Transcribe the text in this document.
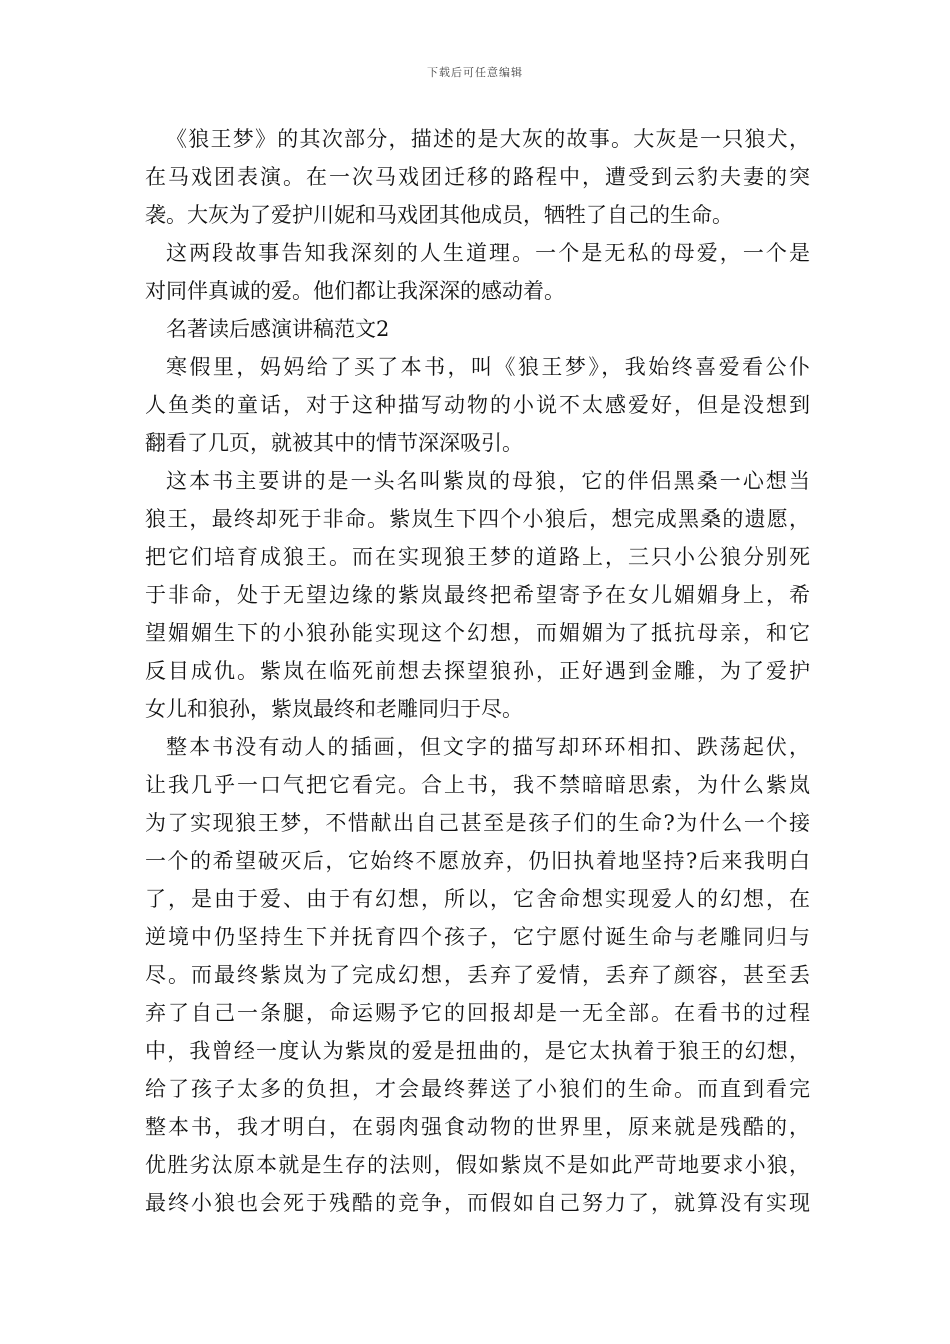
下载后可任意编辑
《狼王梦》的其次部分，描述的是大灰的故事。大灰是一只狼犬，
在马戏团表演。在一次马戏团迁移的路程中，遭受到云豹夫妻的突
袭。大灰为了爱护川妮和马戏团其他成员，牺牲了自己的生命。
这两段故事告知我深刻的人生道理。一个是无私的母爱，一个是
对同伴真诚的爱。他们都让我深深的感动着。
名著读后感演讲稿范文2
寒假里，妈妈给了买了本书，叫《狼王梦》，我始终喜爱看公仆
人鱼类的童话，对于这种描写动物的小说不太感爱好，但是没想到
翻看了几页，就被其中的情节深深吸引。
这本书主要讲的是一头名叫紫岚的母狼，它的伴侣黑桑一心想当
狼王，最终却死于非命。紫岚生下四个小狼后，想完成黑桑的遗愿，
把它们培育成狼王。而在实现狼王梦的道路上，三只小公狼分别死
于非命，处于无望边缘的紫岚最终把希望寄予在女儿媚媚身上，希
望媚媚生下的小狼孙能实现这个幻想，而媚媚为了抵抗母亲，和它
反目成仇。紫岚在临死前想去探望狼孙，正好遇到金雕，为了爱护
女儿和狼孙，紫岚最终和老雕同归于尽。
整本书没有动人的插画，但文字的描写却环环相扣、跌荡起伏，
让我几乎一口气把它看完。合上书，我不禁暗暗思索，为什么紫岚
为了实现狼王梦，不惜献出自己甚至是孩子们的生命?为什么一个接
一个的希望破灭后，它始终不愿放弃，仍旧执着地坚持?后来我明白
了，是由于爱、由于有幻想，所以，它舍命想实现爱人的幻想，在
逆境中仍坚持生下并抚育四个孩子，它宁愿付诞生命与老雕同归与
尽。而最终紫岚为了完成幻想，丢弃了爱情，丢弃了颜容，甚至丢
弃了自己一条腿，命运赐予它的回报却是一无全部。在看书的过程
中，我曾经一度认为紫岚的爱是扭曲的，是它太执着于狼王的幻想，
给了孩子太多的负担，才会最终葬送了小狼们的生命。而直到看完
整本书，我才明白，在弱肉强食动物的世界里，原来就是残酷的，
优胜劣汰原本就是生存的法则，假如紫岚不是如此严苛地要求小狼，
最终小狼也会死于残酷的竞争，而假如自己努力了，就算没有实现
